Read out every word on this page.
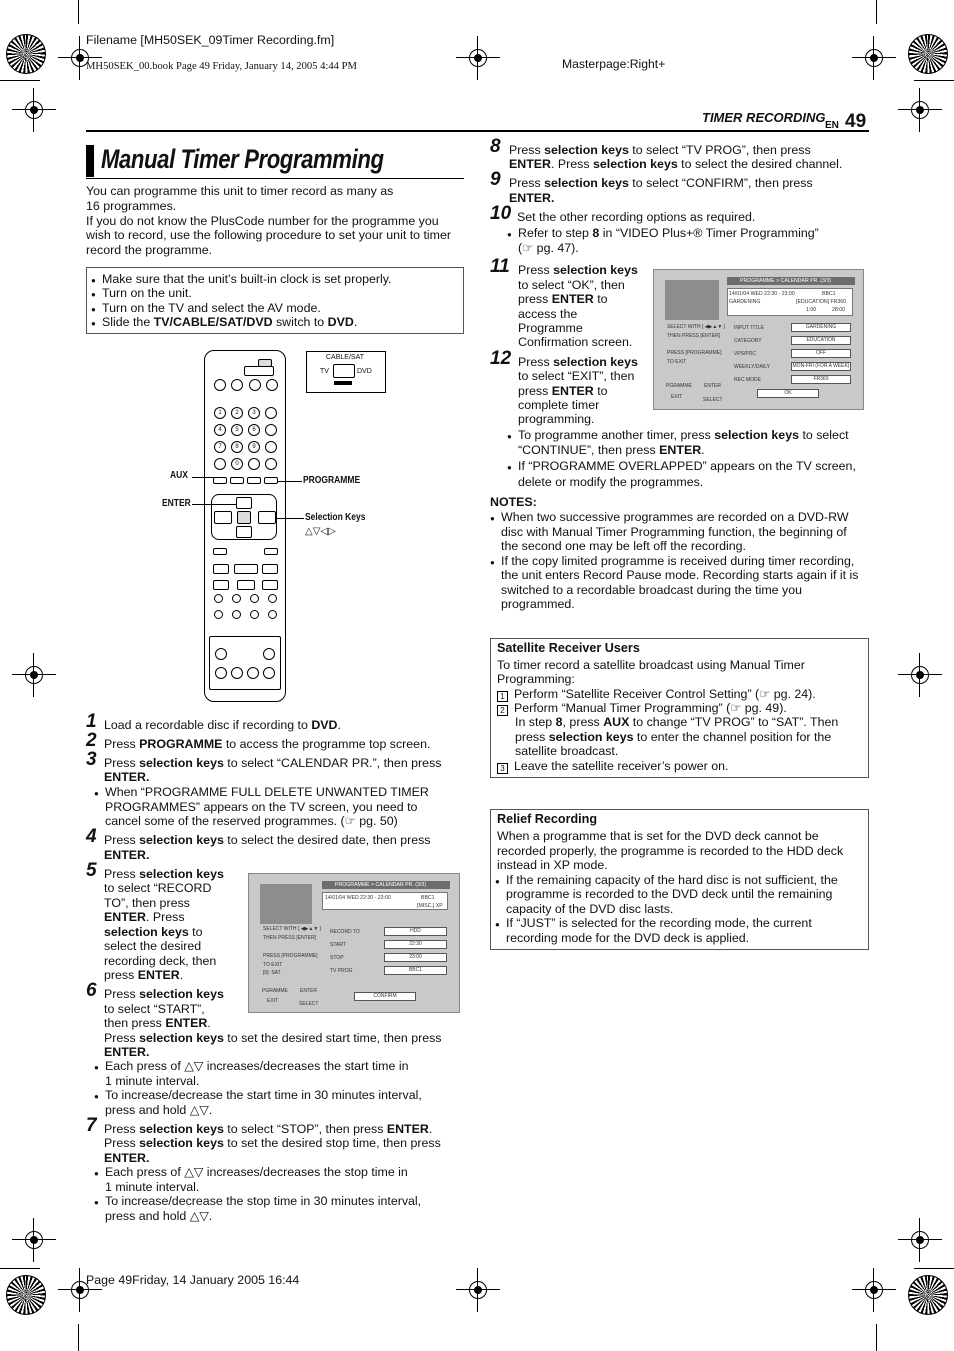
Filename [MH50SEK_09Timer Recording.fm]
MH50SEK_00.book Page 49 Friday, January 14, 2005 4:44 PM	Masterpage:Right+
TIMER RECORDING
EN 49
Manual Timer Programming
You can programme this unit to timer record as many as
16 programmes.
If you do not know the PlusCode number for the programme you
wish to record, use the following procedure to set your unit to timer
record the programme.
● Make sure that the unit’s built-in clock is set properly.
● Turn on the unit.
● Turn on the TV and select the AV mode.
● Slide the TV/CABLE/SAT/DVD switch to DVD.
1	2	3
4	5	6
7	8	9
0
CABLE/SAT
TV	DVD
AUX
ENTER
PROGRAMME
Selection Keys
△▽◁▷
1 Load a recordable disc if recording to DVD.
2 Press PROGRAMME to access the programme top screen.
3 Press selection keys to select “CALENDAR PR.”, then press
ENTER.
● When “PROGRAMME FULL DELETE UNWANTED TIMER
PROGRAMMES” appears on the TV screen, you need to
cancel some of the reserved programmes. (☞ pg. 50)
4 Press selection keys to select the desired date, then press
ENTER.
5 Press selection keys
to select “RECORD
TO”, then press
ENTER. Press
selection keys to
select the desired
recording deck, then
press ENTER.
6 Press selection keys
to select “START”,
then press ENTER.
Press selection keys to set the desired start time, then press
ENTER.
● Each press of △▽ increases/decreases the start time in
1 minute interval.
● To increase/decrease the start time in 30 minutes interval,
press and hold △▽.
7 Press selection keys to select “STOP”, then press ENTER.
Press selection keys to set the desired stop time, then press
ENTER.
● Each press of △▽ increases/decreases the stop time in
1 minute interval.
● To increase/decrease the stop time in 30 minutes interval,
press and hold △▽.
PROGRAMME > CALENDAR PR. (3/3)
14/01/04 WED 22:30 - 23:00	BBC1
[MISC.] XP
SELECT WITH [ ◀▶▲▼ ]
THEN PRESS [ENTER]
PRESS [PROGRAMME]
TO EXIT
[0]: SAT
RECORD TO	HDD
START	22:30
STOP	23:00
TV PROG	BBC1
CONFIRM
PGRAMME ENTER
EXIT	SELECT
8 Press selection keys to select “TV PROG”, then press
ENTER. Press selection keys to select the desired channel.
9 Press selection keys to select “CONFIRM”, then press
ENTER.
10 Set the other recording options as required.
● Refer to step 8 in “VIDEO Plus+® Timer Programming”
(☞ pg. 47).
11 Press selection keys
to select “OK”, then
press ENTER to
access the
Programme
Confirmation screen.
12 Press selection keys
to select “EXIT”, then
press ENTER to
complete timer
programming.
● To programme another timer, press selection keys to select
“CONTINUE”, then press ENTER.
● If “PROGRAMME OVERLAPPED” appears on the TV screen,
delete or modify the programmes.
PROGRAMME > CALENDAR PR. (3/3)
14/01/04 WED 22:30 - 23:00	BBC1
GARDENING	[EDUCATION] FR360
1:00	28:00
SELECT WITH [ ◀▶▲▼ ]
THEN PRESS [ENTER]
PRESS [PROGRAMME]
TO EXIT
INPUT TITLE	GARDENING
CATEGORY	EDUCATION
VPS/PDC	OFF
WEEKLY/DAILY	MON-FRI (FOR A WEEK)
REC MODE	FR360
OK
PGRAMME ENTER
EXIT	SELECT
NOTES:
● When two successive programmes are recorded on a DVD-RW
disc with Manual Timer Programming function, the beginning of
the second one may be left off the recording.
● If the copy limited programme is received during timer recording,
the unit enters Record Pause mode. Recording starts again if it is
switched to a recordable broadcast during the time you
programmed.
Satellite Receiver Users
To timer record a satellite broadcast using Manual Timer
Programming:
1 Perform “Satellite Receiver Control Setting” (☞ pg. 24).
2 Perform “Manual Timer Programming” (☞ pg. 49).
In step 8, press AUX to change “TV PROG” to “SAT”. Then
press selection keys to enter the channel position for the
satellite broadcast.
3 Leave the satellite receiver’s power on.
Relief Recording
When a programme that is set for the DVD deck cannot be
recorded properly, the programme is recorded to the HDD deck
instead in XP mode.
● If the remaining capacity of the hard disc is not sufficient, the
programme is recorded to the DVD deck until the remaining
capacity of the DVD disc lasts.
● If “JUST” is selected for the recording mode, the current
recording mode for the DVD deck is applied.
Page 49Friday, 14 January 2005 16:44
